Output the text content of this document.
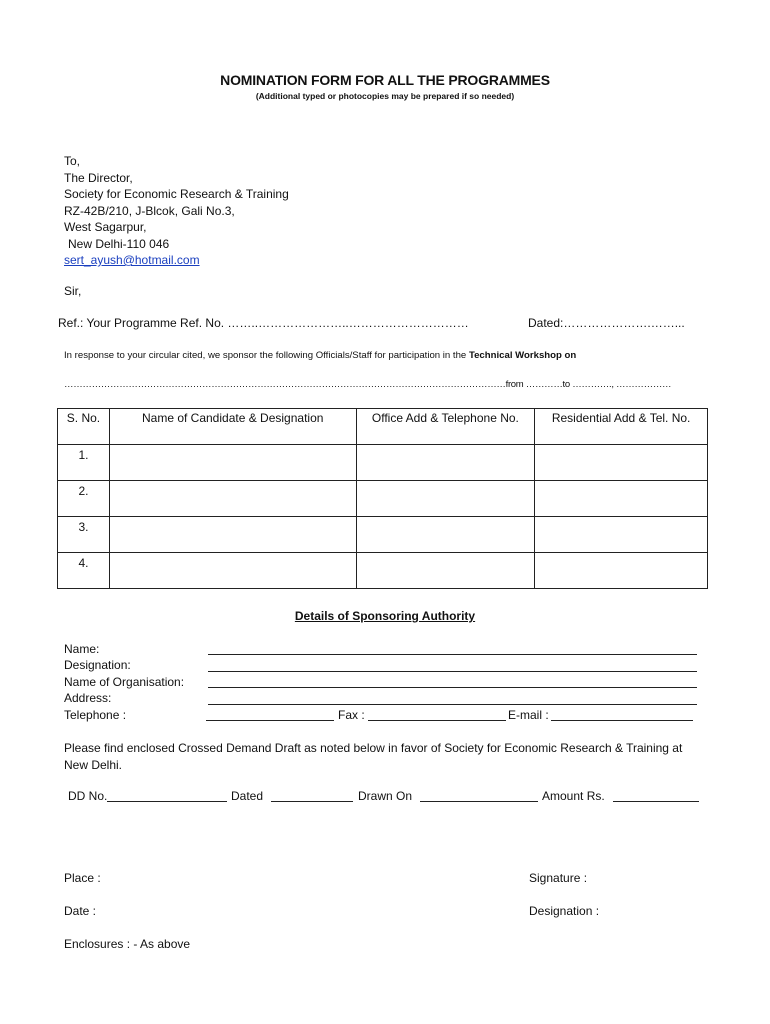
NOMINATION FORM FOR ALL THE PROGRAMMES
(Additional typed or photocopies may be prepared if so needed)
To,
The Director,
Society for Economic Research & Training
RZ-42B/210, J-Blcok, Gali No.3,
West Sagarpur,
New Delhi-110 046
sert_ayush@hotmail.com
Sir,
Ref.: Your Programme Ref. No. ……..…………………..…………………………	Dated:………………….……...
In response to your circular cited, we sponsor the following Officials/Staff for participation in the Technical Workshop on
………………………………………………………………………………………………………………………………from …………to …………., ………………
S. No.	Name of Candidate & Designation	Office Add & Telephone No.	Residential Add & Tel. No.
1.			
2.			
3.			
4.			
Details of Sponsoring Authority
Name:
Designation:
Name of Organisation:
Address:
Telephone :	Fax :	E-mail :
Please find enclosed Crossed Demand Draft as noted below in favor of Society for Economic Research & Training at New Delhi.
DD No.	Dated	Drawn On	Amount Rs.
Place :	Signature :
Date :	Designation :
Enclosures : - As above
